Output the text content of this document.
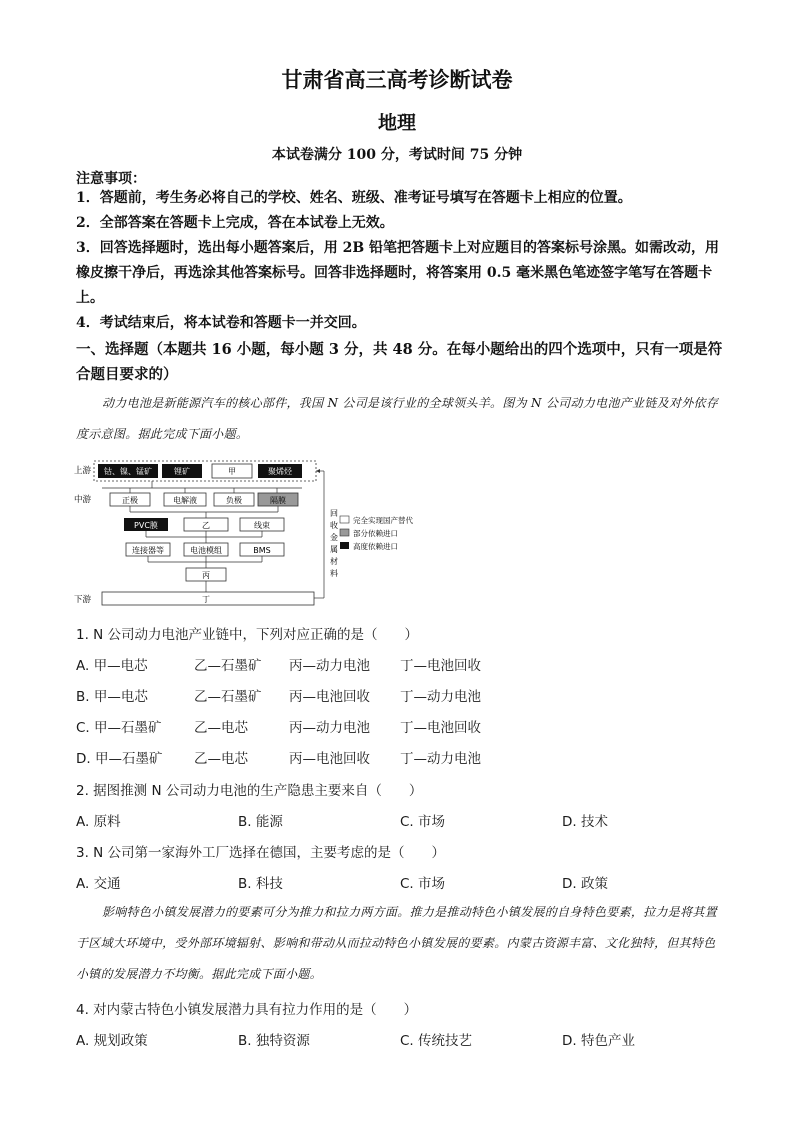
甘肃省高三高考诊断试卷
地理
本试卷满分 100 分，考试时间 75 分钟
注意事项：

1．答题前，考生务必将自己的学校、姓名、班级、准考证号填写在答题卡上相应的位置。

2．全部答案在答题卡上完成，答在本试卷上无效。

3．回答选择题时，选出每小题答案后，用 2B 铅笔把答题卡上对应题目的答案标号涂黑。如需改动，用橡皮擦干净后，再选涂其他答案标号。回答非选择题时，将答案用 0.5 毫米黑色笔迹签字笔写在答题卡上。

4．考试结束后，将本试卷和答题卡一并交回。

一、选择题（本题共 16 小题，每小题 3 分，共 48 分。在每小题给出的四个选项中，只有一项是符合题目要求的）
动力电池是新能源汽车的核心部件，我国 N 公司是该行业的全球领头羊。图为 N 公司动力电池产业链及对外依存度示意图。据此完成下面小题。
上游
中游
下游
钴、镍、锰矿	锂矿	甲	聚烯烃
正极	电解液	负极	隔膜
PVC膜	乙	线束
连接器等	电池模组	BMS
丙
丁
回收金属材料
完全实现国产替代
部分依赖进口
高度依赖进口
1. N 公司动力电池产业链中，下列对应正确的是（　　）
A. 甲—电芯	乙—石墨矿 丙—动力电池 丁—电池回收
B. 甲—电芯	乙—石墨矿 丙—电池回收 丁—动力电池
C. 甲—石墨矿 乙—电芯	丙—动力电池 丁—电池回收
D. 甲—石墨矿 乙—电芯	丙—电池回收 丁—动力电池
2. 据图推测 N 公司动力电池的生产隐患主要来自（　　）
A. 原料	B. 能源	C. 市场	D. 技术
3. N 公司第一家海外工厂选择在德国，主要考虑的是（　　）
A. 交通	B. 科技	C. 市场	D. 政策
影响特色小镇发展潜力的要素可分为推力和拉力两方面。推力是推动特色小镇发展的自身特色要素，拉力是将其置于区域大环境中，受外部环境辐射、影响和带动从而拉动特色小镇发展的要素。内蒙古资源丰富、文化独特，但其特色小镇的发展潜力不均衡。据此完成下面小题。
4. 对内蒙古特色小镇发展潜力具有拉力作用的是（　　）
A. 规划政策	B. 独特资源	C. 传统技艺	D. 特色产业
